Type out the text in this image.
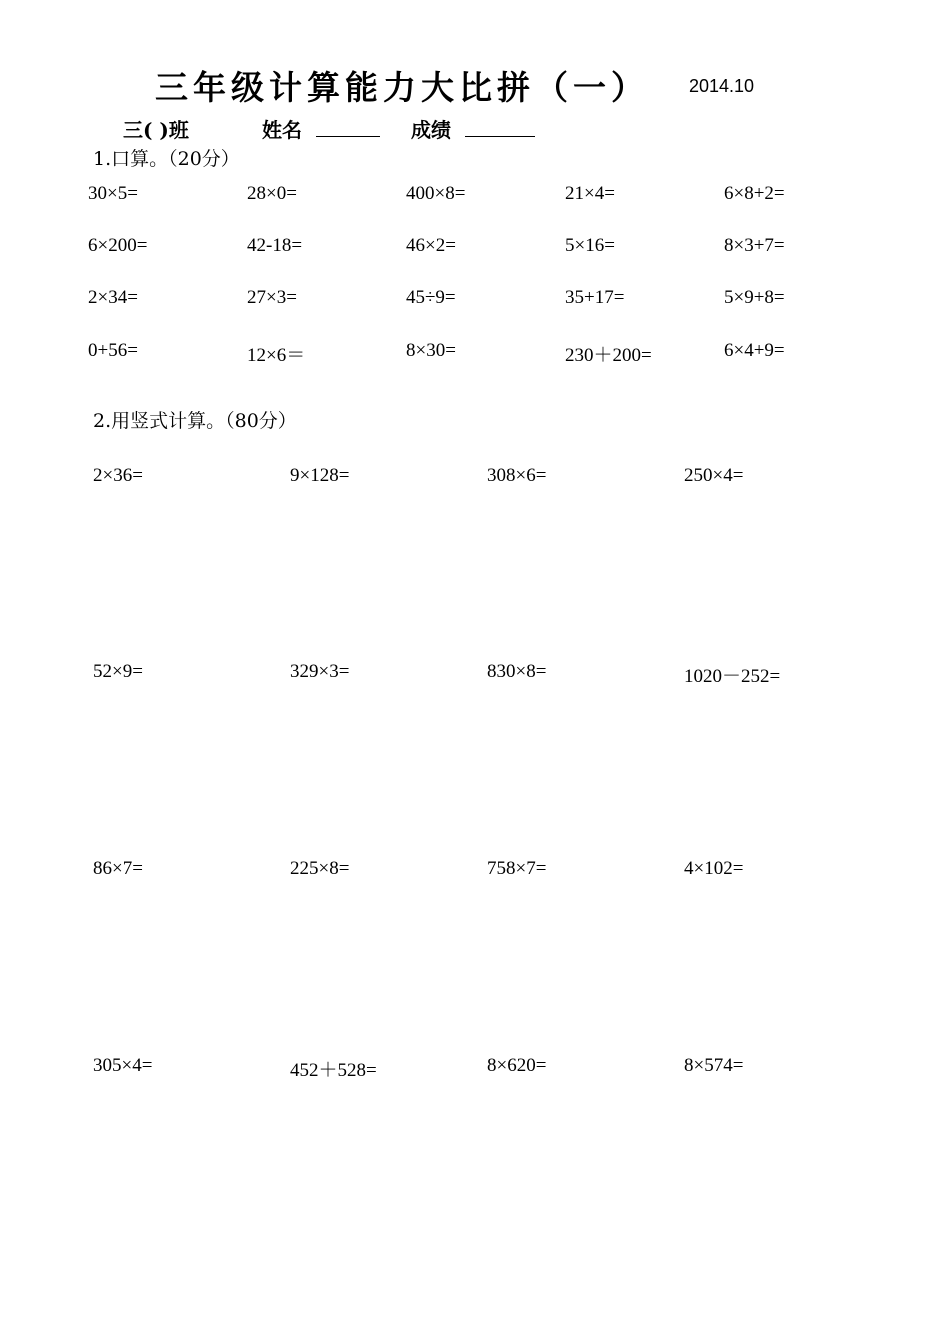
三年级计算能力大比拼（一） 2014.10
三( )班	姓名	成绩
1.口算。（20分）
30×5=	28×0=	400×8=	21×4=	6×8+2=
6×200=	42-18=	46×2=	5×16=	8×3+7=
2×34=	27×3=	45÷9=	35+17=	5×9+8=
0+56=	12×6＝	8×30=	230＋200=	6×4+9=
2.用竖式计算。（80分）
2×36=	9×128=	308×6=	250×4=
52×9=	329×3=	830×8=	1020－252=
86×7=	225×8=	758×7=	4×102=
305×4=	452＋528=	8×620=	8×574=
